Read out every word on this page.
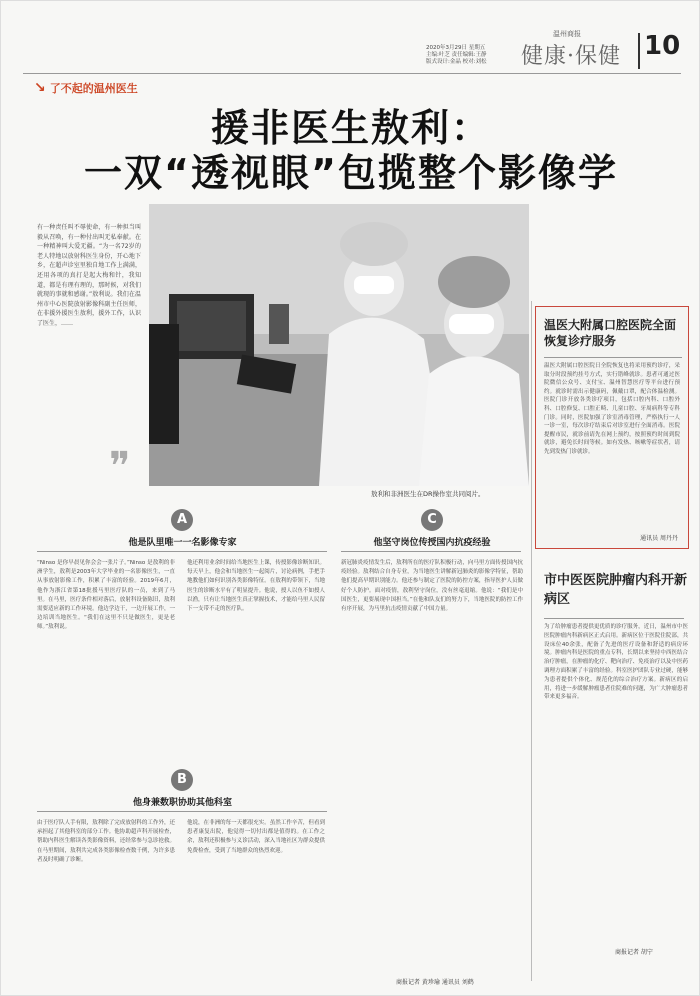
2020年3月29日 星期五
主编:叶芝 责任编辑:王静
版式设计:金晶 校对:刘松
温州商报
健康·保健 10
↘ 了不起的温州医生
援非医生敖利：
一双“透视眼”包揽整个影像学
有一种责任叫不辱使命，有一种担当叫毅从召唤，有一种付出叫无私奉献。在一种精神叫大爱无疆。“为一名72岁的老人特地以放射科医生身份，开心地下乡，在超声诊室里独自地工作上满满，还用各项的真打是起大梅和针，我知道，都是有理有理的，那时候，对我们就现的事就和感谢。”敖利说。我们在温州市中心医院放射影像科副主任医师，在非援外援医生敖利，援外工作，认识了医生，……
❞
敖利和非洲医生在DR操作室共同阅片。
温医大附属口腔医院全面恢复诊疗服务

温医大附属口腔医院日全院恢复也将采用预约诊疗，采取分时段预约挂号方式，实行错峰就诊。患者可通过医院微信公众号、支付宝、温州智慧医疗等平台进行预约。就诊时需出示健康码，佩戴口罩，配合体温检测。医院门诊开放各类诊疗项目，包括口腔内科、口腔外科、口腔修复、口腔正畸、儿童口腔、牙周病科等专科门诊。同时，医院加强了诊室消毒管理，严格执行一人一诊一室，每次诊疗结束后对诊室进行全面消毒。医院提醒市民，就诊前请先在网上预约，按照预约时间到院就诊，避免长时间等候。如有发热、咳嗽等症状者，请先到发热门诊就诊。

通讯员 周丹丹
市中医医院肿瘤内科开新病区
为了给肿瘤患者提供更优质的诊疗服务，近日，温州市中医医院肿瘤内科新病区正式启用。新病区位于医院住院部，共设床位40余张，配备了先进的医疗设备和舒适的病房环境。肿瘤内科是医院的重点专科，长期以来坚持中西医结合治疗肿瘤，在肿瘤的化疗、靶向治疗、免疫治疗以及中医药调理方面积累了丰富的经验。科室医护团队专业过硬，能够为患者提供个体化、规范化的综合治疗方案。新病区的启用，将进一步缓解肿瘤患者住院难的问题，为广大肿瘤患者带来更多福音。
商报记者 胡宁
A
他是队里唯一一名影像专家
“Ninso 是你早晨见你会会一张片子。”Ninso 是敖利的非洲学生，敖利是2003年大学毕业的一名影像医生，一直从事放射影像工作，积累了丰富的经验。2019年6月，他作为浙江省第18批援马里医疗队的一员，来到了马里。在马里，医疗条件相对落后，放射科设备陈旧，敖利需要适应新的工作环境。他边学边干，一边开展工作，一边培训当地医生。“我们在这里不只是做医生，更是老师。”敖利说。
他还利用业余时间给当地医生上课，传授影像诊断知识。每天早上，他会和当地医生一起阅片，讨论病例，手把手地教他们如何识别各类影像特征。在敖利的带领下，当地医生的诊断水平有了明显提升。他说，授人以鱼不如授人以渔，只有让当地医生真正掌握技术，才能给马里人民留下一支带不走的医疗队。
B
他身兼数职协助其他科室
由于医疗队人手有限，敖利除了完成放射科的工作外，还承担起了其他科室的部分工作。他协助超声科开展检查，帮助内科医生解读各类影像资料，还经常参与急诊抢救。在马里期间，敖利共完成各类影像检查数千例，为许多患者及时明确了诊断。
他说，在非洲的每一天都很充实。虽然工作辛苦，但看到患者康复出院，他觉得一切付出都是值得的。在工作之余，敖利还积极参与义诊活动，深入当地社区为群众提供免费检查，受到了当地群众的热烈欢迎。
C
他坚守岗位传授国内抗疫经验
新冠肺炎疫情发生后，敖利所在的医疗队积极行动，向马里方面传授国内抗疫经验。敖利结合自身专业，为当地医生讲解新冠肺炎的影像学特征，帮助他们提高早期识别能力。他还参与制定了医院的防控方案，指导医护人员做好个人防护。面对疫情，敖利坚守岗位，没有丝毫退缩。他说：“我们是中国医生，更要展现中国担当。”在他和队友们的努力下，当地医院的防控工作有序开展，为马里抗击疫情贡献了中国力量。
商报记者 黄珍瑜 通讯员 刘鹤
